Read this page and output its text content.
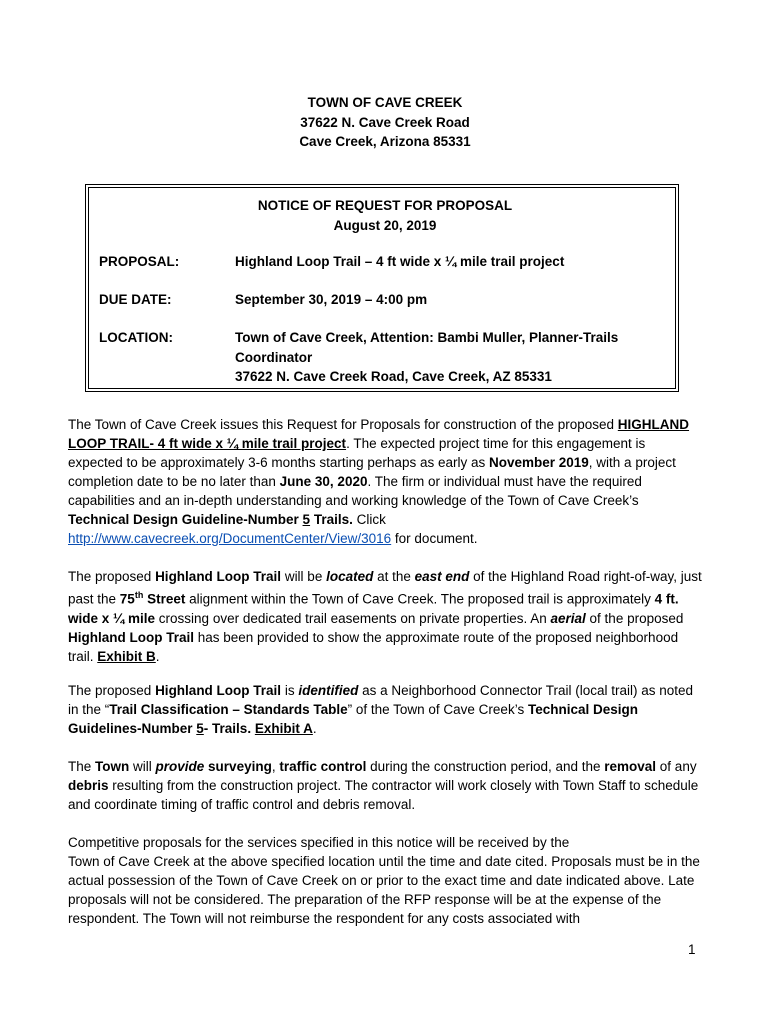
TOWN OF CAVE CREEK
37622 N. Cave Creek Road
Cave Creek, Arizona 85331
NOTICE OF REQUEST FOR PROPOSAL
August 20, 2019
PROPOSAL:	Highland Loop Trail – 4 ft wide x ¼ mile trail project
DUE DATE:	September 30, 2019 – 4:00 pm
LOCATION:	Town of Cave Creek, Attention: Bambi Muller, Planner-Trails
Coordinator
37622 N. Cave Creek Road, Cave Creek, AZ 85331

The Town of Cave Creek issues this Request for Proposals for construction of the proposed HIGHLAND LOOP TRAIL- 4 ft wide x ¼ mile trail project. The expected project time for this engagement is expected to be approximately 3-6 months starting perhaps as early as November 2019, with a project completion date to be no later than June 30, 2020. The firm or individual must have the required capabilities and an in-depth understanding and working knowledge of the Town of Cave Creek’s Technical Design Guideline-Number 5 Trails. Click http://www.cavecreek.org/DocumentCenter/View/3016 for document.

The proposed Highland Loop Trail will be located at the east end of the Highland Road right-of-way, just past the 75th Street alignment within the Town of Cave Creek. The proposed trail is approximately 4 ft. wide x ¼ mile crossing over dedicated trail easements on private properties. An aerial of the proposed Highland Loop Trail has been provided to show the approximate route of the proposed neighborhood trail. Exhibit B.

The proposed Highland Loop Trail is identified as a Neighborhood Connector Trail (local trail) as noted in the “Trail Classification – Standards Table” of the Town of Cave Creek’s Technical Design Guidelines-Number 5- Trails. Exhibit A.

The Town will provide surveying, traffic control during the construction period, and the removal of any debris resulting from the construction project. The contractor will work closely with Town Staff to schedule and coordinate timing of traffic control and debris removal.

Competitive proposals for the services specified in this notice will be received by the
Town of Cave Creek at the above specified location until the time and date cited. Proposals must be in the actual possession of the Town of Cave Creek on or prior to the exact time and date indicated above. Late proposals will not be considered. The preparation of the RFP response will be at the expense of the respondent. The Town will not reimburse the respondent for any costs associated with

1
